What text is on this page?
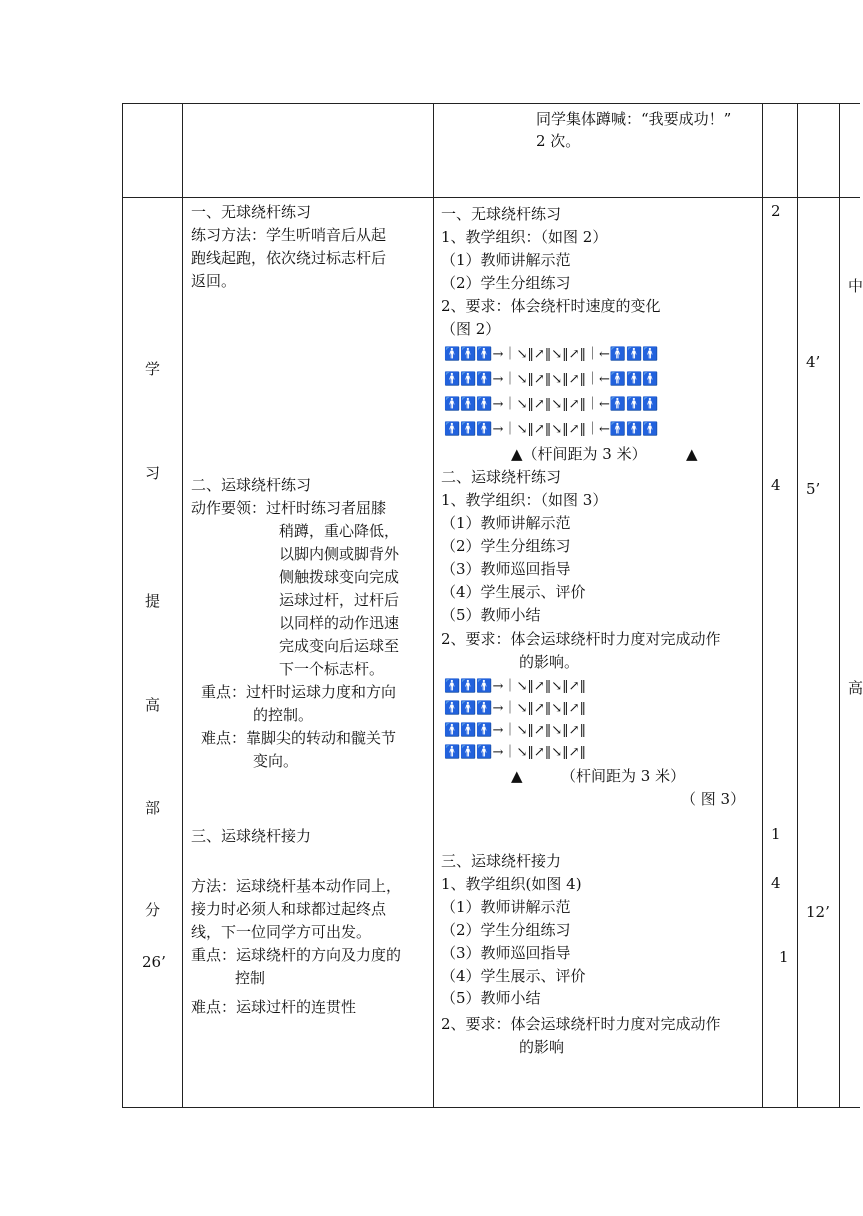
同学集体蹲喊：“我要成功！”
2 次。
学
习
提
高
部
分
26’
一、无球绕杆练习
练习方法：学生听哨音后从起
跑线起跑，依次绕过标志杆后
返回。
二、运球绕杆练习
动作要领：过杆时练习者屈膝
稍蹲，重心降低，
以脚内侧或脚背外
侧触拨球变向完成
运球过杆，过杆后
以同样的动作迅速
完成变向后运球至
下一个标志杆。
重点：过杆时运球力度和方向
的控制。
难点：靠脚尖的转动和髋关节
变向。
三、运球绕杆接力
方法：运球绕杆基本动作同上，
接力时必须人和球都过起终点
线，下一位同学方可出发。
重点：运球绕杆的方向及力度的
控制
难点：运球过杆的连贯性
一、无球绕杆练习
1、教学组织：（如图 2）
（1）教师讲解示范
（2）学生分组练习
2、要求：体会绕杆时速度的变化
（图 2）
🚹🚹🚹→｜↘‖↗‖↘‖↗‖｜←🚹🚹🚹
🚹🚹🚹→｜↘‖↗‖↘‖↗‖｜←🚹🚹🚹
🚹🚹🚹→｜↘‖↗‖↘‖↗‖｜←🚹🚹🚹
🚹🚹🚹→｜↘‖↗‖↘‖↗‖｜←🚹🚹🚹
▲（杆间距为 3 米）	▲
二、运球绕杆练习
1、教学组织：（如图 3）
（1）教师讲解示范
（2）学生分组练习
（3）教师巡回指导
（4）学生展示、评价
（5）教师小结
2、要求：体会运球绕杆时力度对完成动作
的影响。
🚹🚹🚹→｜↘‖↗‖↘‖↗‖
🚹🚹🚹→｜↘‖↗‖↘‖↗‖
🚹🚹🚹→｜↘‖↗‖↘‖↗‖
🚹🚹🚹→｜↘‖↗‖↘‖↗‖
▲	（杆间距为 3 米）
（ 图 3）
三、运球绕杆接力
1、教学组织(如图 4)
（1）教师讲解示范
（2）学生分组练习
（3）教师巡回指导
（4）学生展示、评价
（5）教师小结
2、要求：体会运球绕杆时力度对完成动作
的影响
2
4
1
4
1
4’
5’
12’
中
高
